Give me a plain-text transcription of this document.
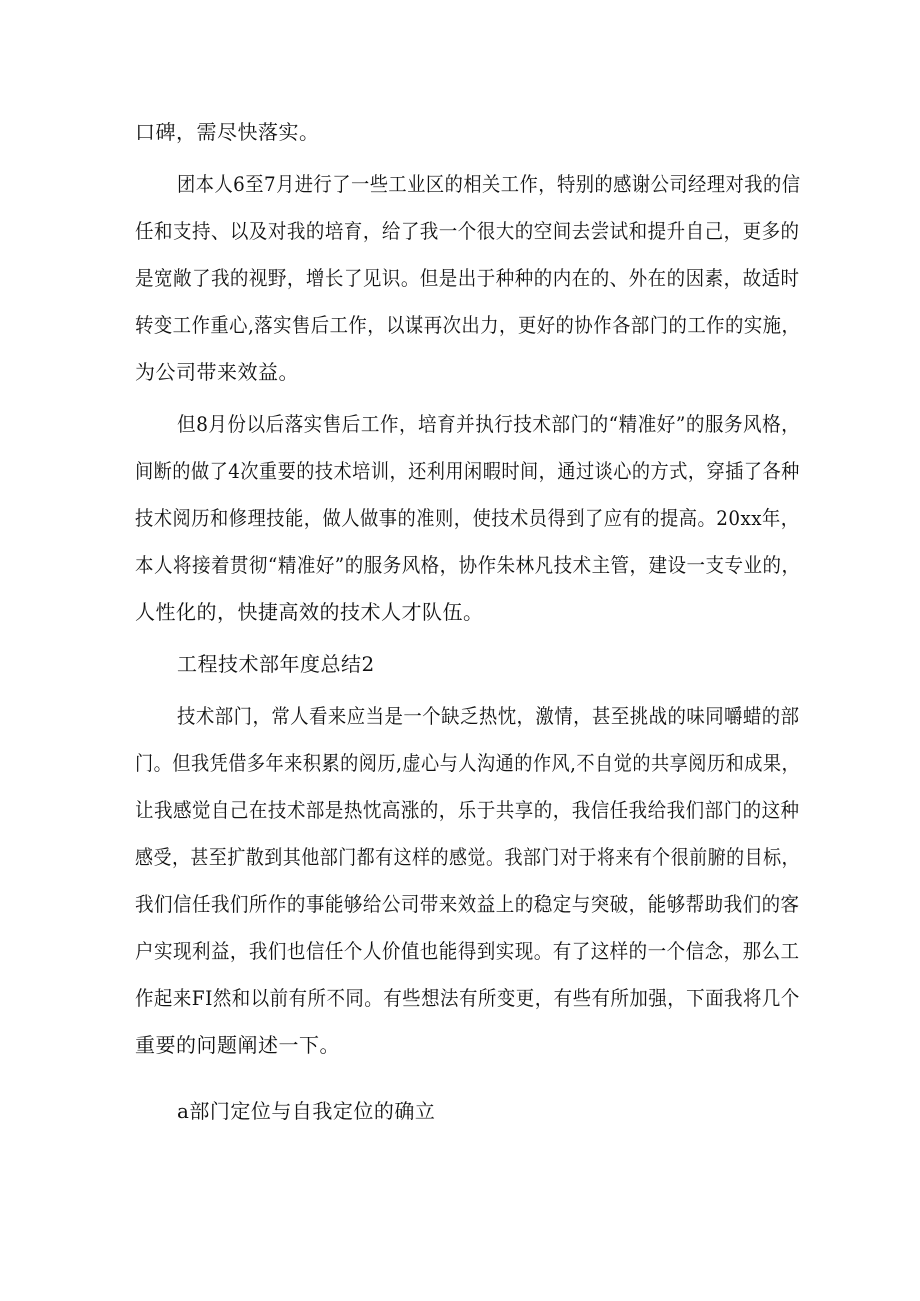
口碑，需尽快落实。

团本人6至7月进行了一些工业区的相关工作，特别的感谢公司经理对我的信

任和支持、以及对我的培育，给了我一个很大的空间去尝试和提升自己，更多的

是宽敞了我的视野，增长了见识。但是出于种种的内在的、外在的因素，故适时

转变工作重心,落实售后工作，以谋再次出力，更好的协作各部门的工作的实施，

为公司带来效益。

但8月份以后落实售后工作，培育并执行技术部门的“精准好”的服务风格，

间断的做了4次重要的技术培训，还利用闲暇时间，通过谈心的方式，穿插了各种

技术阅历和修理技能，做人做事的准则，使技术员得到了应有的提高。20xx年，

本人将接着贯彻“精准好”的服务风格，协作朱林凡技术主管，建设一支专业的，

人性化的，快捷高效的技术人才队伍。

工程技术部年度总结2

技术部门，常人看来应当是一个缺乏热忱，激情，甚至挑战的味同嚼蜡的部

门。但我凭借多年来积累的阅历,虚心与人沟通的作风,不自觉的共享阅历和成果，

让我感觉自己在技术部是热忱高涨的，乐于共享的，我信任我给我们部门的这种

感受，甚至扩散到其他部门都有这样的感觉。我部门对于将来有个很前腑的目标，

我们信任我们所作的事能够给公司带来效益上的稳定与突破，能够帮助我们的客

户实现利益，我们也信任个人价值也能得到实现。有了这样的一个信念，那么工

作起来FI然和以前有所不同。有些想法有所变更，有些有所加强，下面我将几个

重要的问题阐述一下。

a部门定位与自我定位的确立
